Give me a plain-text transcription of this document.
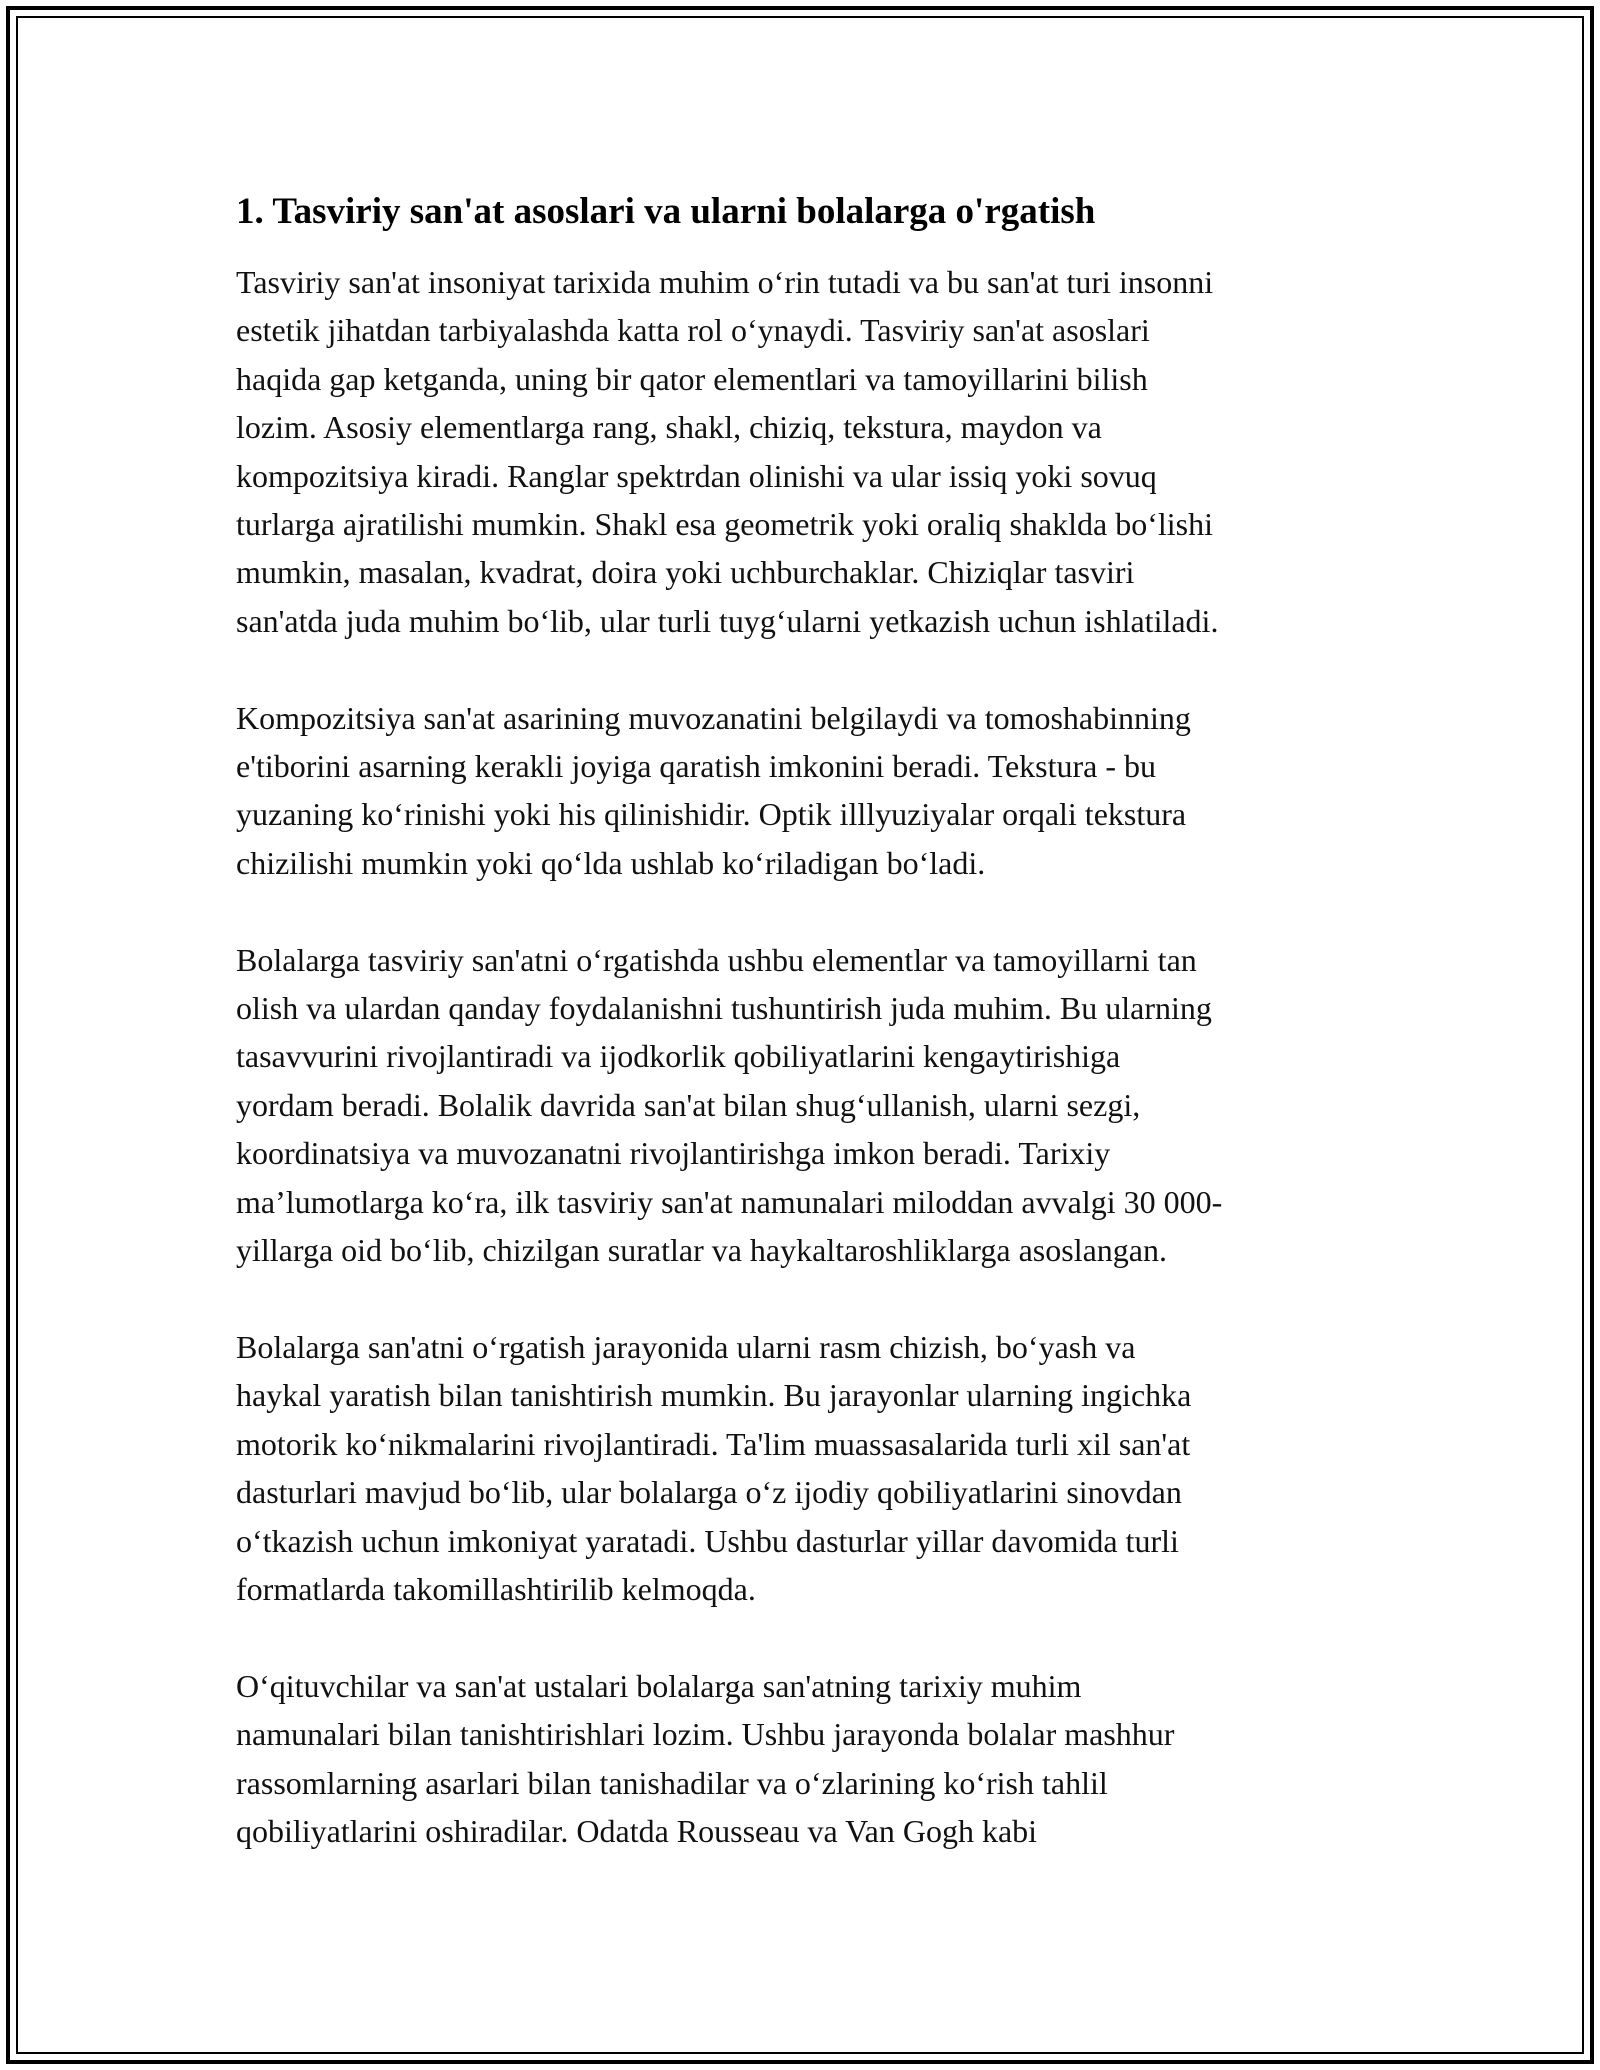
1. Tasviriy san'at asoslari va ularni bolalarga o'rgatish

Tasviriy san'at insoniyat tarixida muhim o‘rin tutadi va bu san'at turi insonni
estetik jihatdan tarbiyalashda katta rol o‘ynaydi. Tasviriy san'at asoslari
haqida gap ketganda, uning bir qator elementlari va tamoyillarini bilish
lozim. Asosiy elementlarga rang, shakl, chiziq, tekstura, maydon va
kompozitsiya kiradi. Ranglar spektrdan olinishi va ular issiq yoki sovuq
turlarga ajratilishi mumkin. Shakl esa geometrik yoki oraliq shaklda bo‘lishi
mumkin, masalan, kvadrat, doira yoki uchburchaklar. Chiziqlar tasviri
san'atda juda muhim bo‘lib, ular turli tuyg‘ularni yetkazish uchun ishlatiladi.

Kompozitsiya san'at asarining muvozanatini belgilaydi va tomoshabinning
e'tiborini asarning kerakli joyiga qaratish imkonini beradi. Tekstura - bu
yuzaning ko‘rinishi yoki his qilinishidir. Optik illlyuziyalar orqali tekstura
chizilishi mumkin yoki qo‘lda ushlab ko‘riladigan bo‘ladi.

Bolalarga tasviriy san'atni o‘rgatishda ushbu elementlar va tamoyillarni tan
olish va ulardan qanday foydalanishni tushuntirish juda muhim. Bu ularning
tasavvurini rivojlantiradi va ijodkorlik qobiliyatlarini kengaytirishiga
yordam beradi. Bolalik davrida san'at bilan shug‘ullanish, ularni sezgi,
koordinatsiya va muvozanatni rivojlantirishga imkon beradi. Tarixiy
ma’lumotlarga ko‘ra, ilk tasviriy san'at namunalari miloddan avvalgi 30 000-
yillarga oid bo‘lib, chizilgan suratlar va haykaltaroshliklarga asoslangan.

Bolalarga san'atni o‘rgatish jarayonida ularni rasm chizish, bo‘yash va
haykal yaratish bilan tanishtirish mumkin. Bu jarayonlar ularning ingichka
motorik ko‘nikmalarini rivojlantiradi. Ta'lim muassasalarida turli xil san'at
dasturlari mavjud bo‘lib, ular bolalarga o‘z ijodiy qobiliyatlarini sinovdan
o‘tkazish uchun imkoniyat yaratadi. Ushbu dasturlar yillar davomida turli
formatlarda takomillashtirilib kelmoqda.

O‘qituvchilar va san'at ustalari bolalarga san'atning tarixiy muhim
namunalari bilan tanishtirishlari lozim. Ushbu jarayonda bolalar mashhur
rassomlarning asarlari bilan tanishadilar va o‘zlarining ko‘rish tahlil
qobiliyatlarini oshiradilar. Odatda Rousseau va Van Gogh kabi
